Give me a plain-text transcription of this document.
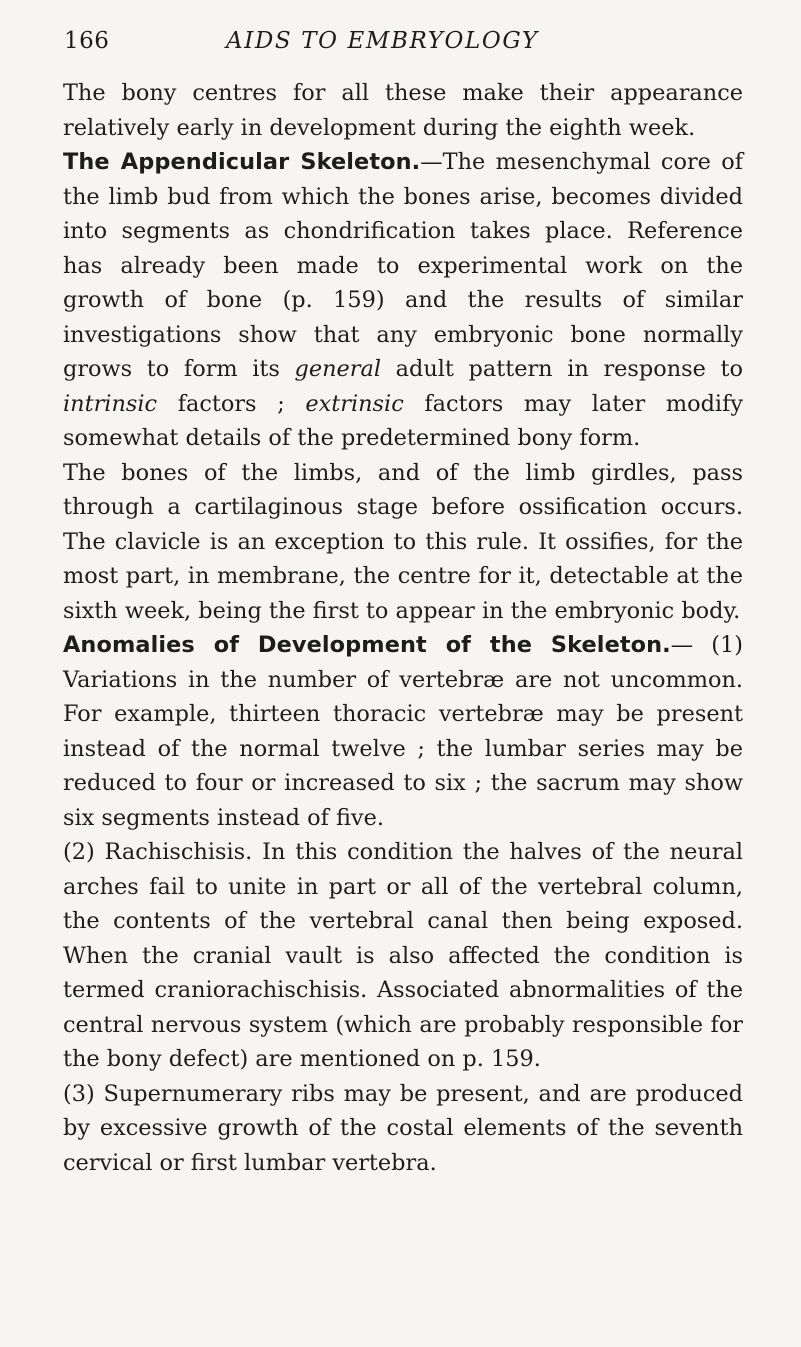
166	AIDS TO EMBRYOLOGY

The bony centres for all these make their appearance relatively early in development during the eighth week.

The Appendicular Skeleton.—The mesenchymal core of the limb bud from which the bones arise, becomes divided into segments as chondrification takes place. Reference has already been made to experimental work on the growth of bone (p. 159) and the results of similar investigations show that any embryonic bone normally grows to form its general adult pattern in response to intrinsic factors ; extrinsic factors may later modify somewhat details of the predetermined bony form.

The bones of the limbs, and of the limb girdles, pass through a cartilaginous stage before ossification occurs. The clavicle is an exception to this rule. It ossifies, for the most part, in membrane, the centre for it, detectable at the sixth week, being the first to appear in the embryonic body.

Anomalies of Development of the Skeleton.— (1) Variations in the number of vertebræ are not uncommon. For example, thirteen thoracic vertebræ may be present instead of the normal twelve ; the lumbar series may be reduced to four or increased to six ; the sacrum may show six segments instead of five.

(2) Rachischisis. In this condition the halves of the neural arches fail to unite in part or all of the vertebral column, the contents of the vertebral canal then being exposed. When the cranial vault is also affected the condition is termed craniorachischisis. Associated abnormalities of the central nervous system (which are probably responsible for the bony defect) are mentioned on p. 159.

(3) Supernumerary ribs may be present, and are produced by excessive growth of the costal elements of the seventh cervical or first lumbar vertebra.
